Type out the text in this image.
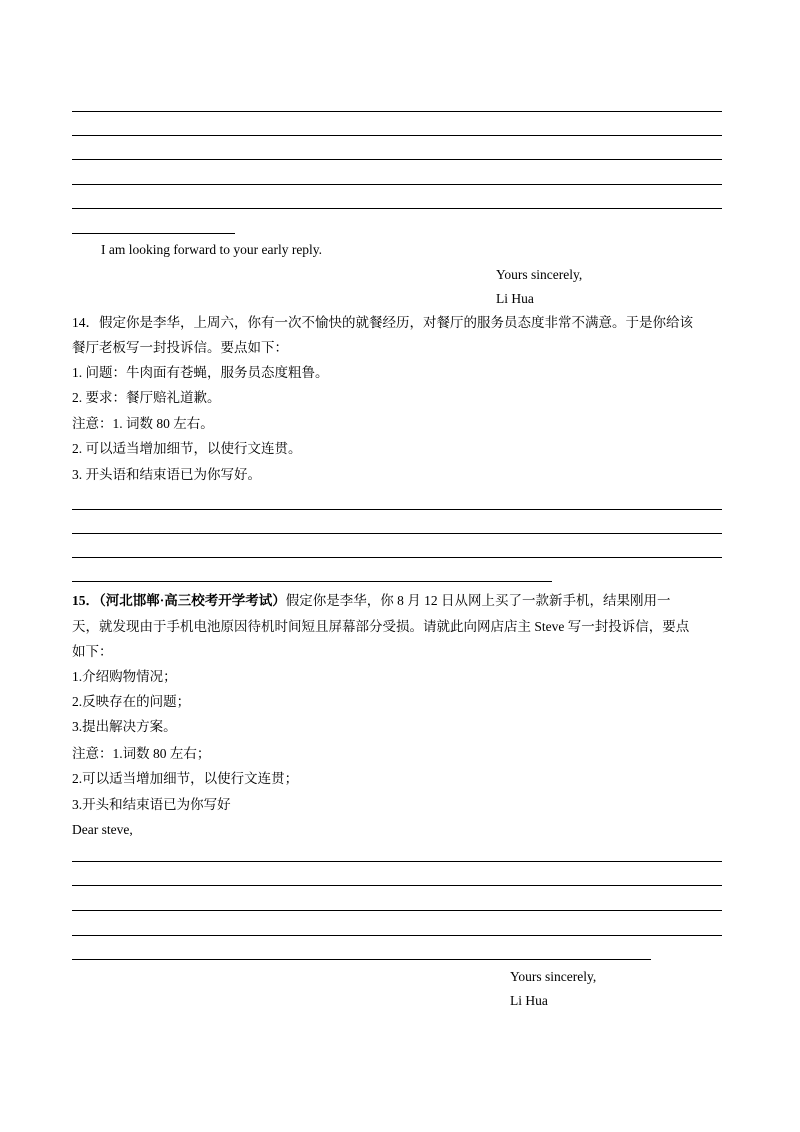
I am looking forward to your early reply.
Yours sincerely,
Li Hua
14．假定你是李华，上周六，你有一次不愉快的就餐经历，对餐厅的服务员态度非常不满意。于是你给该
餐厅老板写一封投诉信。要点如下：
1. 问题：牛肉面有苍蝇，服务员态度粗鲁。
2. 要求：餐厅赔礼道歉。
注意：1. 词数 80 左右。
2. 可以适当增加细节，以使行文连贯。
3. 开头语和结束语已为你写好。
15．（河北邯郸·高三校考开学考试）假定你是李华，你 8 月 12 日从网上买了一款新手机，结果刚用一
天，就发现由于手机电池原因待机时间短且屏幕部分受损。请就此向网店店主 Steve 写一封投诉信，要点
如下：
1.介绍购物情况；
2.反映存在的问题；
3.提出解决方案。
注意：1.词数 80 左右；
2.可以适当增加细节，以使行文连贯；
3.开头和结束语已为你写好
Dear steve,
Yours sincerely,
Li Hua
